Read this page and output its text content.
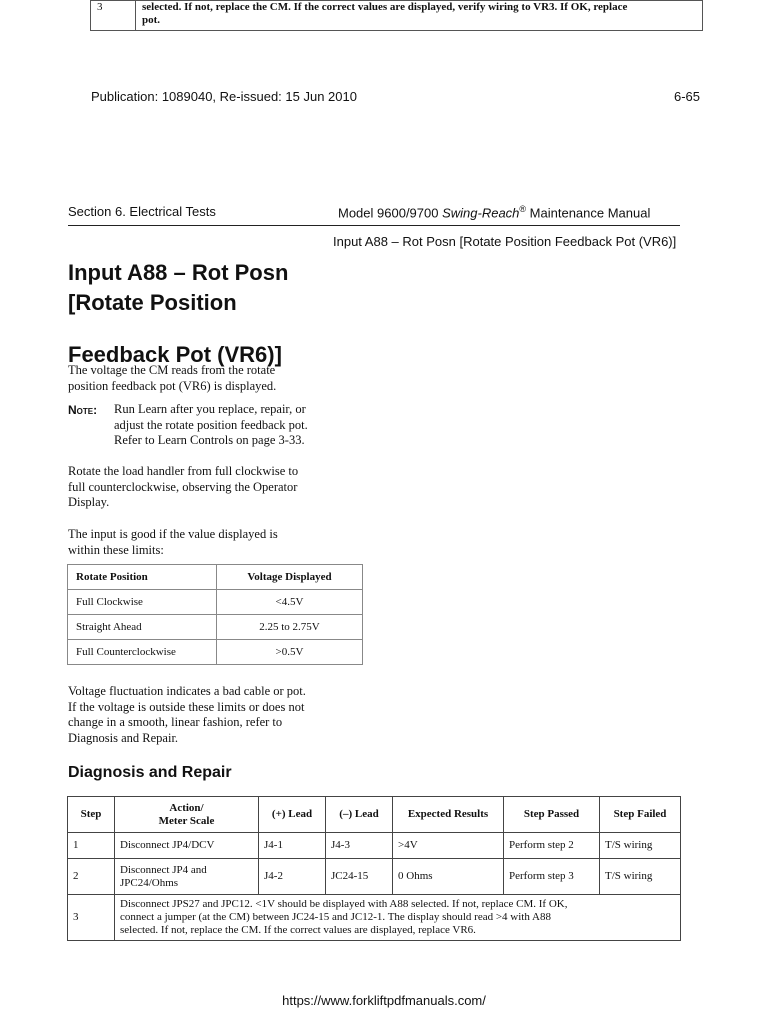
3	selected. If not, replace the CM. If the correct values are displayed, verify wiring to VR3. If OK, replace
pot.
Publication: 1089040, Re-issued: 15 Jun 2010	6-65
Section 6. Electrical Tests	Model 9600/9700 Swing-Reach® Maintenance Manual
Input A88 – Rot Posn [Rotate Position Feedback Pot (VR6)]
Input A88 – Rot Posn
[Rotate Position
Feedback Pot (VR6)]
The voltage the CM reads from the rotate
position feedback pot (VR6) is displayed.
Note: Run Learn after you replace, repair, or
adjust the rotate position feedback pot.
Refer to Learn Controls on page 3-33.
Rotate the load handler from full clockwise to
full counterclockwise, observing the Operator
Display.
The input is good if the value displayed is
within these limits:
Rotate Position	Voltage Displayed
Full Clockwise	<4.5V
Straight Ahead	2.25 to 2.75V
Full Counterclockwise	>0.5V
Voltage fluctuation indicates a bad cable or pot.
If the voltage is outside these limits or does not
change in a smooth, linear fashion, refer to
Diagnosis and Repair.
Diagnosis and Repair
Step	Action/
Meter Scale	(+) Lead	(–) Lead	Expected Results	Step Passed	Step Failed
1	Disconnect JP4/DCV	J4-1	J4-3	>4V	Perform step 2	T/S wiring
2	Disconnect JP4 and
JPC24/Ohms	J4-2	JC24-15	0 Ohms	Perform step 3	T/S wiring
3	Disconnect JPS27 and JPC12. <1V should be displayed with A88 selected. If not, replace CM. If OK,
connect a jumper (at the CM) between JC24-15 and JC12-1. The display should read >4 with A88
selected. If not, replace the CM. If the correct values are displayed, replace VR6.					
https://www.forkliftpdfmanuals.com/
